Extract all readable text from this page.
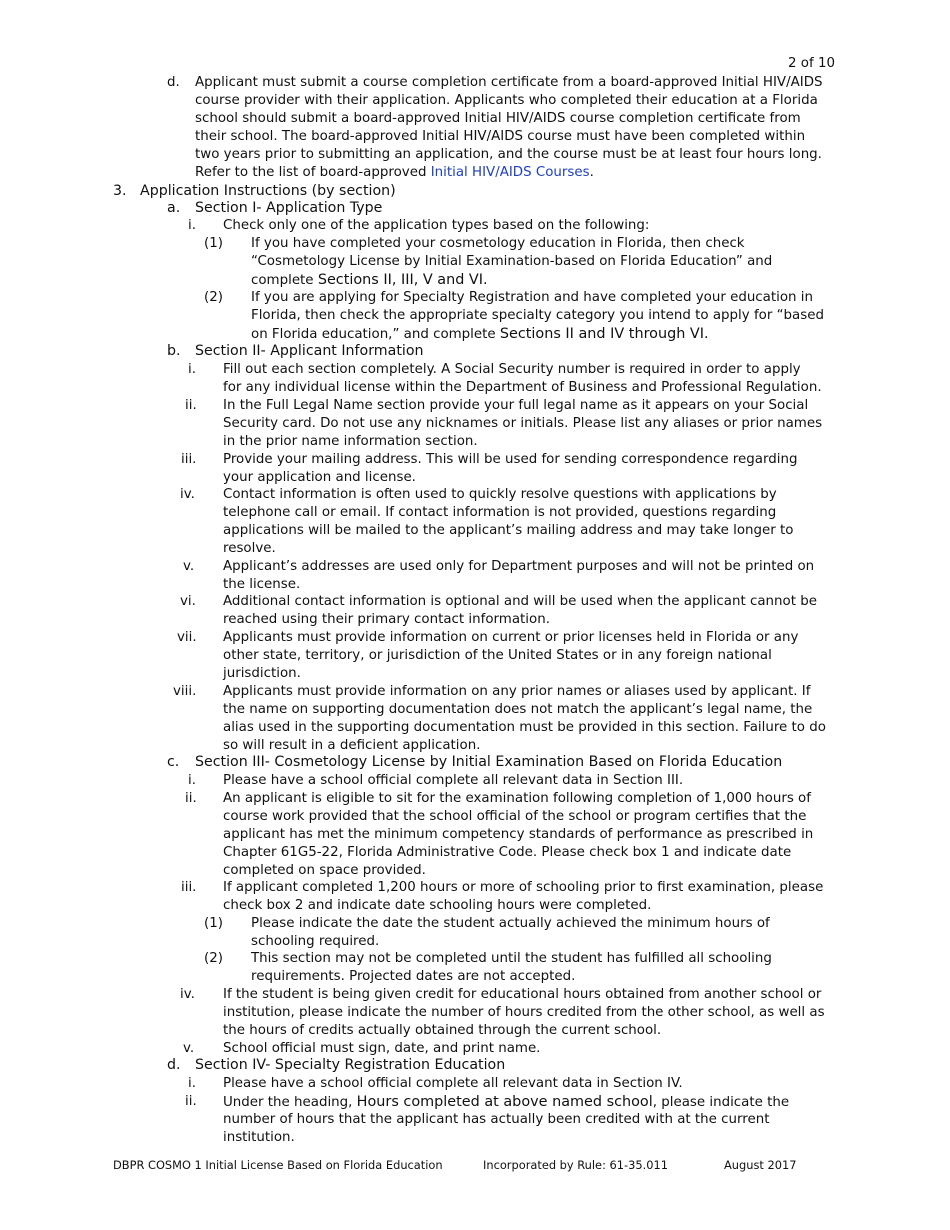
2 of 10
d. Applicant must submit a course completion certificate from a board-approved Initial HIV/AIDS
course provider with their application. Applicants who completed their education at a Florida
school should submit a board-approved Initial HIV/AIDS course completion certificate from
their school. The board-approved Initial HIV/AIDS course must have been completed within
two years prior to submitting an application, and the course must be at least four hours long.
Refer to the list of board-approved Initial HIV/AIDS Courses.
3. Application Instructions (by section)
a. Section I- Application Type
i. Check only one of the application types based on the following:
(1) If you have completed your cosmetology education in Florida, then check
“Cosmetology License by Initial Examination-based on Florida Education” and
complete Sections II, III, V and VI.
(2) If you are applying for Specialty Registration and have completed your education in
Florida, then check the appropriate specialty category you intend to apply for “based
on Florida education,” and complete Sections II and IV through VI.
b. Section II- Applicant Information
i. Fill out each section completely. A Social Security number is required in order to apply
for any individual license within the Department of Business and Professional Regulation.
ii. In the Full Legal Name section provide your full legal name as it appears on your Social
Security card. Do not use any nicknames or initials. Please list any aliases or prior names
in the prior name information section.
iii. Provide your mailing address. This will be used for sending correspondence regarding
your application and license.
iv. Contact information is often used to quickly resolve questions with applications by
telephone call or email. If contact information is not provided, questions regarding
applications will be mailed to the applicant’s mailing address and may take longer to
resolve.
v. Applicant’s addresses are used only for Department purposes and will not be printed on
the license.
vi. Additional contact information is optional and will be used when the applicant cannot be
reached using their primary contact information.
vii. Applicants must provide information on current or prior licenses held in Florida or any
other state, territory, or jurisdiction of the United States or in any foreign national
jurisdiction.
viii. Applicants must provide information on any prior names or aliases used by applicant. If
the name on supporting documentation does not match the applicant’s legal name, the
alias used in the supporting documentation must be provided in this section. Failure to do
so will result in a deficient application.
c. Section III- Cosmetology License by Initial Examination Based on Florida Education
i. Please have a school official complete all relevant data in Section III.
ii. An applicant is eligible to sit for the examination following completion of 1,000 hours of
course work provided that the school official of the school or program certifies that the
applicant has met the minimum competency standards of performance as prescribed in
Chapter 61G5-22, Florida Administrative Code. Please check box 1 and indicate date
completed on space provided.
iii. If applicant completed 1,200 hours or more of schooling prior to first examination, please
check box 2 and indicate date schooling hours were completed.
(1) Please indicate the date the student actually achieved the minimum hours of
schooling required.
(2) This section may not be completed until the student has fulfilled all schooling
requirements. Projected dates are not accepted.
iv. If the student is being given credit for educational hours obtained from another school or
institution, please indicate the number of hours credited from the other school, as well as
the hours of credits actually obtained through the current school.
v. School official must sign, date, and print name.
d. Section IV- Specialty Registration Education
i. Please have a school official complete all relevant data in Section IV.
ii. Under the heading, Hours completed at above named school, please indicate the
number of hours that the applicant has actually been credited with at the current
institution.
DBPR COSMO 1 Initial License Based on Florida Education	Incorporated by Rule: 61-35.011	August 2017
